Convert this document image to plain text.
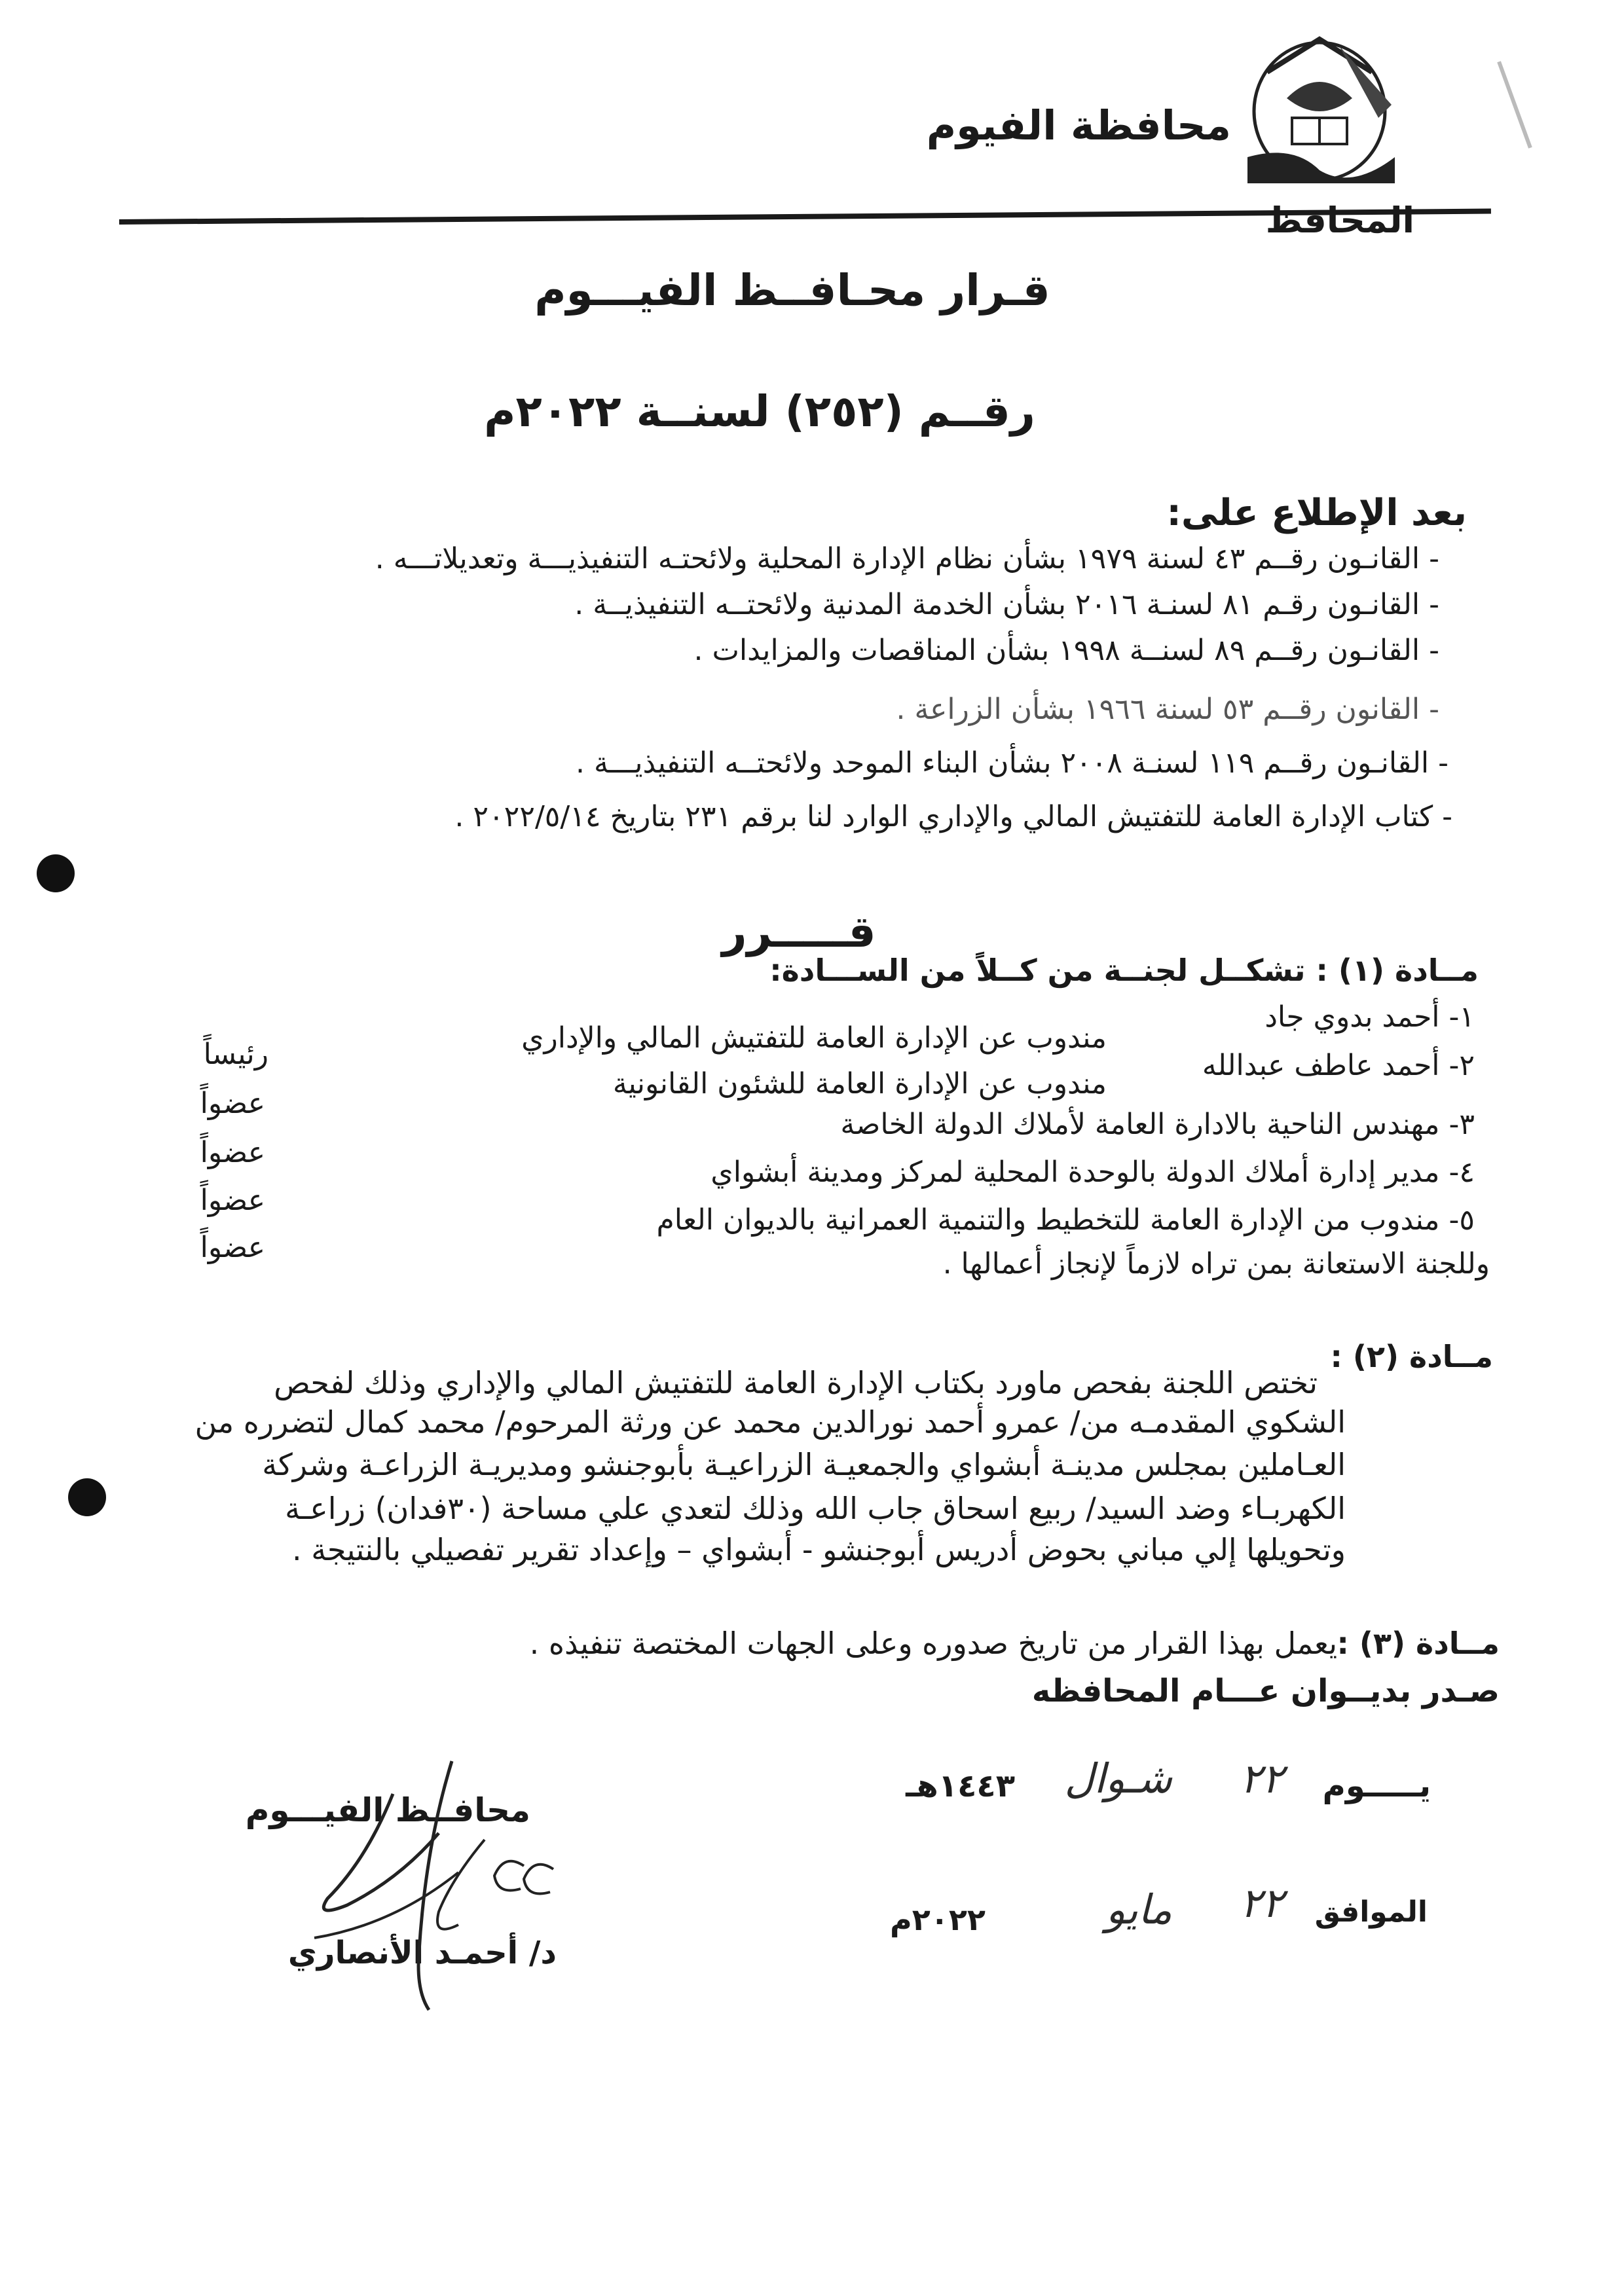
محافظة الفيوم
المحافظ
قـرار محـافــظ الفيـــوم
رقــم (٢٥٢) لسنــة ٢٠٢٢م
بعد الإطلاع على:
- القانـون رقــم ٤٣ لسنة ١٩٧٩ بشأن نظام الإدارة المحلية ولائحتـه التنفيذيـــة وتعديلاتـــه .
- القانـون رقـم ٨١ لسنـة ٢٠١٦ بشأن الخدمة المدنية ولائحتــه التنفيذيــة .
- القانـون رقــم ٨٩ لسنــة ١٩٩٨ بشأن المناقصات والمزايدات .
- القانون رقــم ٥٣ لسنة ١٩٦٦ بشأن الزراعة .
- القانـون رقــم ١١٩ لسنـة ٢٠٠٨ بشأن البناء الموحد ولائحتــه التنفيذيـــة .
- كتاب الإدارة العامة للتفتيش المالي والإداري الوارد لنا برقم ٢٣١ بتاريخ ٢٠٢٢/٥/١٤ .
قـــــرر
مــادة (١) : تشكــل لجنــة من كــلاً من الســـادة:
١- أحمد بدوي جاد
مندوب عن الإدارة العامة للتفتيش المالي والإداري
رئيساً	٢- أحمد عاطف عبدالله
مندوب عن الإدارة العامة للشئون القانونية
عضواً
٣- مهندس الناحية بالادارة العامة لأملاك الدولة الخاصة
عضواً
٤- مدير إدارة أملاك الدولة بالوحدة المحلية لمركز ومدينة أبشواي
عضواً
٥- مندوب من الإدارة العامة للتخطيط والتنمية العمرانية بالديوان العام
عضواً	وللجنة الاستعانة بمن تراه لازماً لإنجاز أعمالها .
مــادة (٢) :
تختص اللجنة بفحص ماورد بكتاب الإدارة العامة للتفتيش المالي والإداري وذلك لفحص
الشكوي المقدمـه من/ عمرو أحمد نورالدين محمد عن ورثة المرحوم/ محمد كمال لتضرره من
العـاملين بمجلس مدينـة أبشواي والجمعيـة الزراعيـة بأبوجنشو ومديريـة الزراعـة وشركة
الكهربـاء وضد السيد/ ربيع اسحاق جاب الله وذلك لتعدي علي مساحة (٣٠فدان) زراعـة
وتحويلها إلي مباني بحوض أدريس أبوجنشو - أبشواي – وإعداد تقرير تفصيلي بالنتيجة .
مــادة (٣) :
يعمل بهذا القرار من تاريخ صدوره وعلى الجهات المختصة تنفيذه .
صـدر بديــوان عـــام المحافظه
يـــــوم
٢٢
شـوال
١٤٤٣هـ
الموافق
٢٢
مايو
٢٠٢٢م
محافــظ الفيـــوم
د/ أحمـد الأنصاري
